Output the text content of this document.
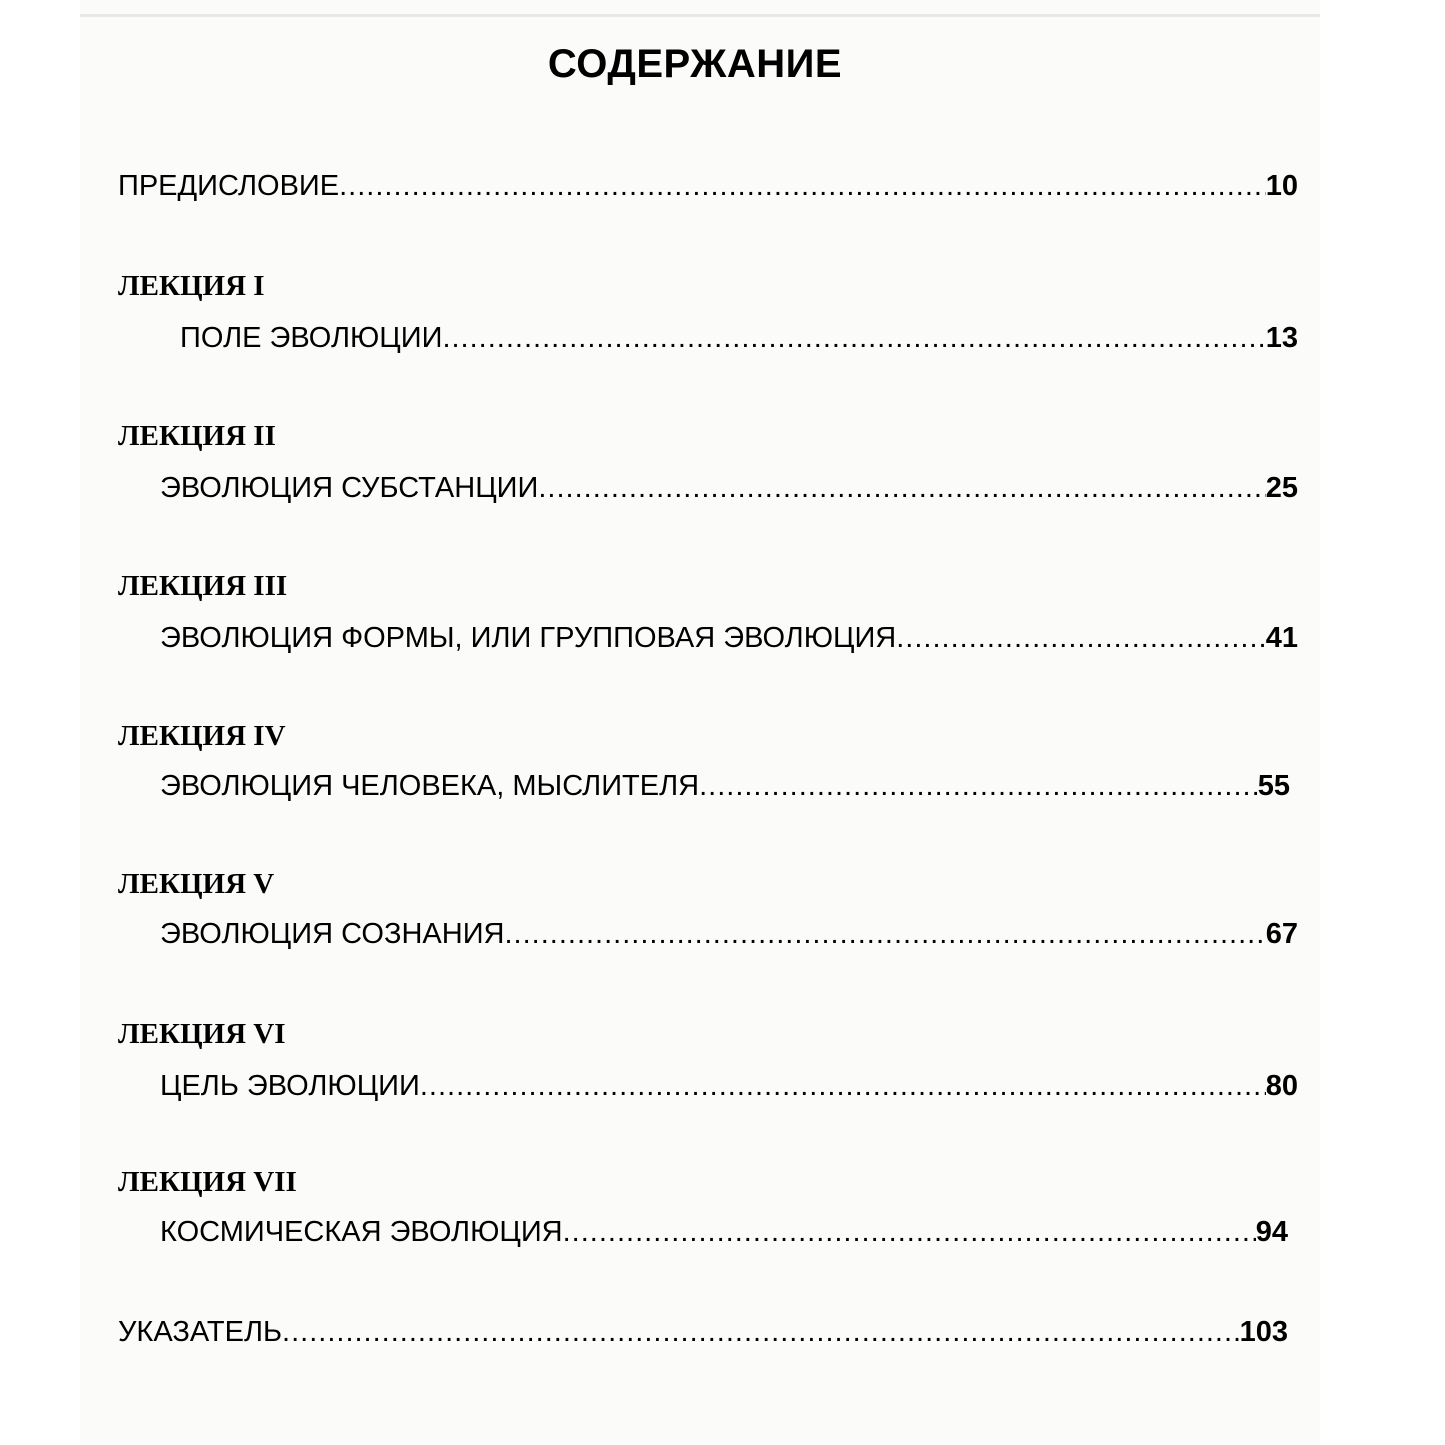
СОДЕРЖАНИЕ
ПРЕДИСЛОВИЕ .....	10
ЛЕКЦИЯ I
ПОЛЕ ЭВОЛЮЦИИ .....	13
ЛЕКЦИЯ II
ЭВОЛЮЦИЯ СУБСТАНЦИИ .....	25
ЛЕКЦИЯ III
ЭВОЛЮЦИЯ ФОРМЫ, ИЛИ ГРУППОВАЯ ЭВОЛЮЦИЯ .....	41
ЛЕКЦИЯ IV
ЭВОЛЮЦИЯ ЧЕЛОВЕКА, МЫСЛИТЕЛЯ .....	55
ЛЕКЦИЯ V
ЭВОЛЮЦИЯ СОЗНАНИЯ .....	67
ЛЕКЦИЯ VI
ЦЕЛЬ ЭВОЛЮЦИИ .....	80
ЛЕКЦИЯ VII
КОСМИЧЕСКАЯ ЭВОЛЮЦИЯ .....	94
УКАЗАТЕЛЬ .....	103
